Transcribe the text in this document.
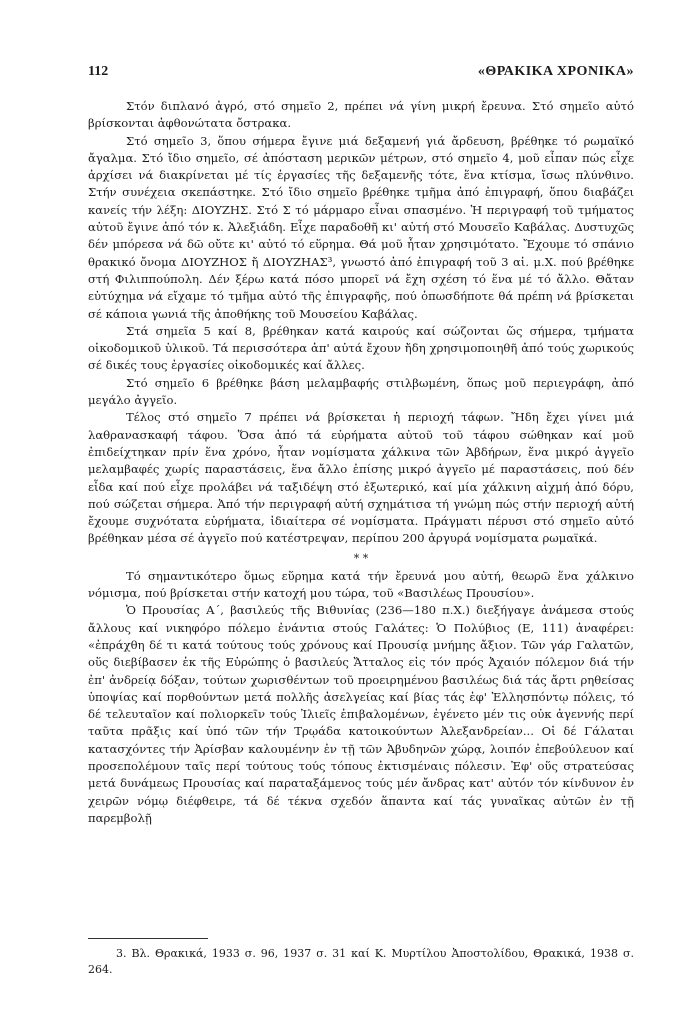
112	«ΘΡΑΚΙΚΑ ΧΡΟΝΙΚΑ»

Στόν διπλανό ἀγρό, στό σημεῖο 2, πρέπει νά γίνη μικρή ἔρευνα. Στό σημεῖο αὐτό βρίσκονται ἀφθονώτατα ὄστρακα.

Στό σημεῖο 3, ὅπου σήμερα ἔγινε μιά δεξαμενή γιά ἄρδευση, βρέθηκε τό ρωμαϊκό ἄγαλμα. Στό ἴδιο σημεῖο, σέ ἀπόσταση μερικῶν μέτρων, στό σημεῖο 4, μοῦ εἶπαν πώς εἶχε ἀρχίσει νά διακρίνεται μέ τίς ἐργασίες τῆς δεξαμενῆς τότε, ἕνα κτίσμα, ἴσως πλύνθινο. Στήν συνέχεια σκεπάστηκε. Στό ἴδιο σημεῖο βρέθηκε τμῆμα ἀπό ἐπιγραφή, ὅπου διαβάζει κανείς τήν λέξη: ΔΙΟΥΖΗΣ. Στό Σ τό μάρμαρο εἶναι σπασμένο. Ἡ περιγραφή τοῦ τμήματος αὐτοῦ ἔγινε ἀπό τόν κ. Ἀλεξιάδη. Εἶχε παραδοθῆ κι' αὐτή στό Μουσεῖο Καβάλας. Δυστυχῶς δέν μπόρεσα νά δῶ οὔτε κι' αὐτό τό εὕρημα. Θά μοῦ ἦταν χρησιμότατο. Ἔχουμε τό σπάνιο θρακικό ὄνομα ΔΙΟΥΖΗΟΣ ἤ ΔΙΟΥΖΗΑΣ³, γνωστό ἀπό ἐπιγραφή τοῦ 3 αἰ. μ.Χ. πού βρέθηκε στή Φιλιππούπολη. Δέν ξέρω κατά πόσο μπορεῖ νά ἔχη σχέση τό ἕνα μέ τό ἄλλο. Θἄταν εὐτύχημα νά εἴχαμε τό τμῆμα αὐτό τῆς ἐπιγραφῆς, πού ὁπωσδήποτε θά πρέπη νά βρίσκεται σέ κάποια γωνιά τῆς ἀποθήκης τοῦ Μουσείου Καβάλας.

Στά σημεῖα 5 καί 8, βρέθηκαν κατά καιρούς καί σώζονται ὥς σήμερα, τμήματα οἰκοδομικοῦ ὑλικοῦ. Τά περισσότερα ἀπ' αὐτά ἔχουν ἤδη χρησιμοποιηθῆ ἀπό τούς χωρικούς σέ δικές τους ἐργασίες οἰκοδομικές καί ἄλλες.

Στό σημεῖο 6 βρέθηκε βάση μελαμβαφής στιλβωμένη, ὅπως μοῦ περιεγράφη, ἀπό μεγάλο ἀγγεῖο.

Τέλος στό σημεῖο 7 πρέπει νά βρίσκεται ἡ περιοχή τάφων. Ἤδη ἔχει γίνει μιά λαθρανασκαφή τάφου. Ὅσα ἀπό τά εὑρήματα αὐτοῦ τοῦ τάφου σώθηκαν καί μοῦ ἐπιδείχτηκαν πρίν ἕνα χρόνο, ἦταν νομίσματα χάλκινα τῶν Ἀβδήρων, ἕνα μικρό ἀγγεῖο μελαμβαφές χωρίς παραστάσεις, ἕνα ἄλλο ἐπίσης μικρό ἀγγεῖο μέ παραστάσεις, πού δέν εἶδα καί πού εἶχε προλάβει νά ταξιδέψη στό ἐξωτερικό, καί μία χάλκινη αἰχμή ἀπό δόρυ, πού σώζεται σήμερα. Ἀπό τήν περιγραφή αὐτή σχημάτισα τή γνώμη πώς στήν περιοχή αὐτή ἔχουμε συχνότατα εὑρήματα, ἰδιαίτερα σέ νομίσματα. Πράγματι πέρυσι στό σημεῖο αὐτό βρέθηκαν μέσα σέ ἀγγεῖο πού κατέστρεψαν, περίπου 200 ἀργυρά νομίσματα ρωμαϊκά.

* *

Τό σημαντικότερο ὅμως εὕρημα κατά τήν ἔρευνά μου αὐτή, θεωρῶ ἕνα χάλκινο νόμισμα, πού βρίσκεται στήν κατοχή μου τώρα, τοῦ «Βασιλέως Προυσίου».

Ὁ Προυσίας Α΄, βασιλεύς τῆς Βιθυνίας (236—180 π.Χ.) διεξήγαγε ἀνάμεσα στούς ἄλλους καί νικηφόρο πόλεμο ἐνάντια στούς Γαλάτες: Ὁ Πολύβιος (Ε, 111) ἀναφέρει: «ἐπράχθη δέ τι κατά τούτους τούς χρόνους καί Προυσίᾳ μνήμης ἄξιον. Τῶν γάρ Γαλατῶν, οὕς διεβίβασεν ἐκ τῆς Εὐρώπης ὁ βασιλεύς Ἄτταλος εἰς τόν πρός Ἀχαιόν πόλεμον διά τήν ἐπ' ἀνδρείᾳ δόξαν, τούτων χωρισθέντων τοῦ προειρημένου βασιλέως διά τάς ἄρτι ρηθείσας ὑποψίας καί πορθούντων μετά πολλῆς ἀσελγείας καί βίας τάς ἐφ' Ἑλλησπόντῳ πόλεις, τό δέ τελευταῖον καί πολιορκεῖν τούς Ἰλιεῖς ἐπιβαλομένων, ἐγένετο μέν τις οὐκ ἀγεννής περί ταῦτα πρᾶξις καί ὑπό τῶν τήν Τρῳάδα κατοικούντων Ἀλεξανδρείαν... Οἱ δέ Γάλαται κατασχόντες τήν Ἀρίσβαν καλουμένην ἐν τῇ τῶν Ἀβυδηνῶν χώρᾳ, λοιπόν ἐπεβούλευον καί προσεπολέμουν ταῖς περί τούτους τούς τόπους ἐκτισμέναις πόλεσιν. Ἐφ' οὕς στρατεύσας μετά δυνάμεως Προυσίας καί παραταξάμενος τούς μέν ἄνδρας κατ' αὐτόν τόν κίνδυνον ἐν χειρῶν νόμῳ διέφθειρε, τά δέ τέκνα σχεδόν ἅπαντα καί τάς γυναῖκας αὐτῶν ἐν τῇ παρεμβολῇ

3. Βλ. Θρακικά, 1933 σ. 96, 1937 σ. 31 καί Κ. Μυρτίλου Ἀποστολίδου, Θρακικά, 1938 σ. 264.
